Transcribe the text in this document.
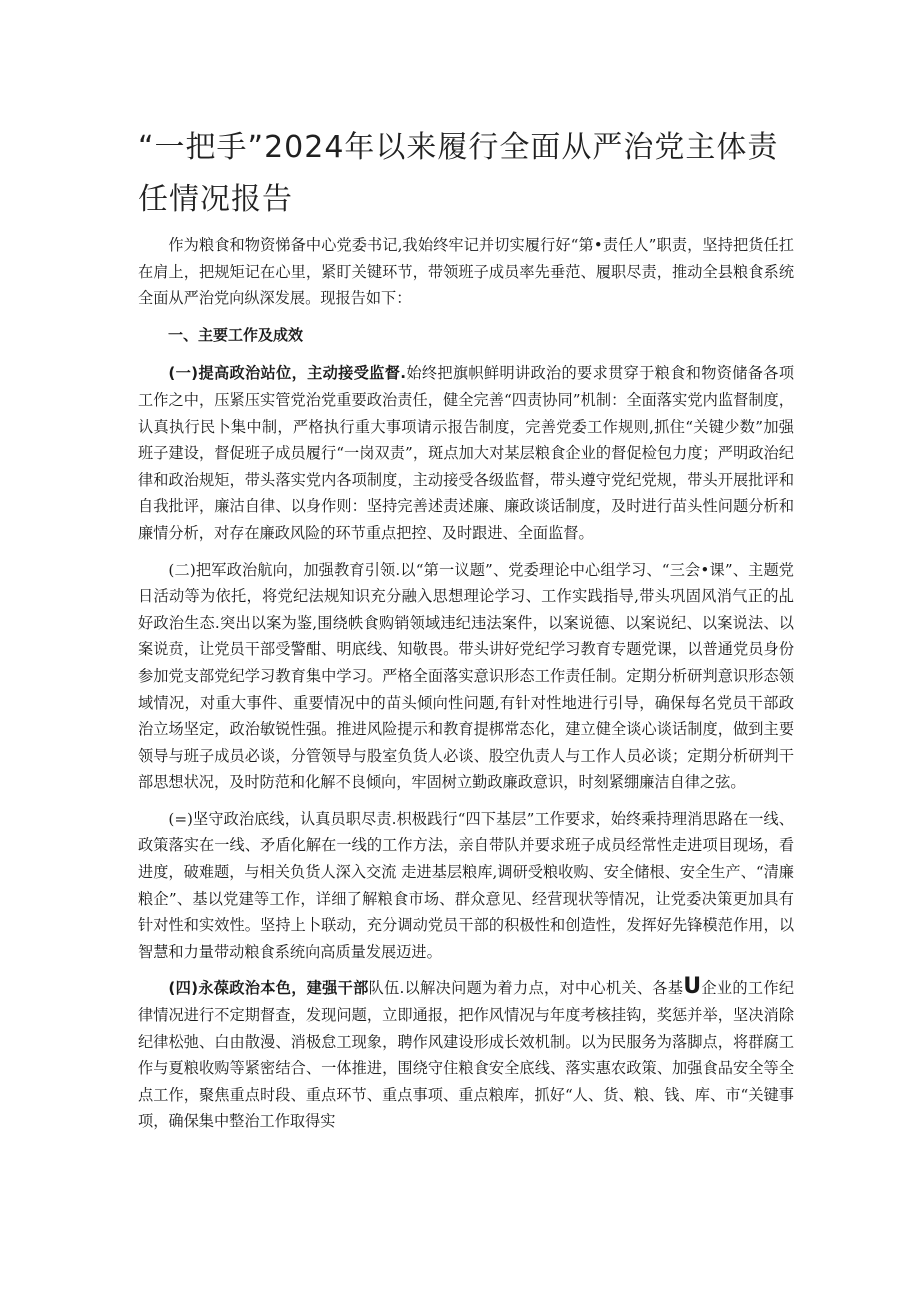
“一把手”2024年以来履行全面从严治党主体责任情况报告

作为粮食和物资悌备中心党委书记,我始终牢记并切实履行好“第•责任人”职责，坚持把货任扛在肩上，把规矩记在心里，紧盯关键环节，带领班子成员率先垂范、履职尽责，推动全县粮食系统全面从严治党向纵深发展。现报告如下：

一、主要工作及成效

(一)提高政治站位，主动接受监督.始终把旗帜鲜明讲政治的要求贯穿于粮食和物资储备各项工作之中，压紧压实管党治党重要政治责任，健全完善“四责协同”机制：全面落实党内监督制度，认真执行民卜集中制，严格执行重大事项请示报告制度，完善党委工作规则,抓住“关键少数”加强班子建设，督促班子成员履行“一岗双责”，斑点加大对某层粮食企业的督促检包力度；严明政治纪律和政治规矩，带头落实党内各项制度，主动接受各级监督，带头遵守党纪党规，带头开展批评和自我批评，廉沽自律、以身作则：坚持完善述责述廉、廉政谈话制度，及时进行苗头性问题分析和廉情分析，对存在廉政风险的环节重点把控、及时跟进、全面监督。

(二)把军政治航向，加强教育引领.以“第一议题”、党委理论中心组学习、“三会•课”、主题党日活动等为依托，将党纪法规知识充分融入思想理论学习、工作实践指导,带头巩固风消气正的乩好政治生态.突出以案为鉴,围绕帙食购销领域违纪违法案件，以案说德、以案说纪、以案说法、以案说贲，让党员干部受警酣、明底线、知敬畏。带头讲好党纪学习教育专题党课，以普通党员身份参加党支部党纪学习教育集中学习。严格全面落实意识形态工作责任制。定期分析研判意识形态领域情况，对重大事件、重要情况中的苗头倾向性问题,有针对性地进行引导，确保每名党员干部政治立场坚定，政治敏锐性强。推进风险提示和教育提梆常态化，建立健全谈心谈话制度，做到主要领导与班子成员必谈，分管领导与股室负货人必谈、股空仇责人与工作人员必谈；定期分析研判干部思想状况，及时防范和化解不良倾向，牢固树立勤政廉政意识，时刻紧绷廉洁自律之弦。

(=)坚守政治底线，认真员职尽责.枳极践行“四下基层”工作要求，始终乘持理消思路在一线、政策落实在一线、矛盾化解在一线的工作方法，亲自带队并要求班子成员经常性走进项目现场，看进度，破难题，与相关负货人深入交流 走进基层粮库,调研受粮收购、安全储根、安全生产、“清廉粮企”、基以党建等工作，详细了解粮食市场、群众意见、经营现状等情况，让党委决策更加具有针对性和实效性。坚持上卜联动，充分调动党员干部的积极性和创造性，发挥好先锋模范作用，以智慧和力量带动粮食系统向高质量发展迈进。

(四)永葆政治本色，建强干部队伍.以解决问题为着力点，对中心机关、各基U企业的工作纪律情况进行不定期督查，发现问题，立即通报，把作风情况与年度考核挂钩，奖惩并举，坚决消除纪律松弛、白由散漫、消极怠工现象，聘作风建设形成长效机制。以为民服务为落脚点，将群腐工作与夏粮收购等紧密结合、一体推进，围绕守住粮食安全底线、落实惠农政策、加强食品安全等全点工作，聚焦重点时段、重点环节、重点事项、重点粮库，抓好“人、货、粮、钱、库、市“关键事项，确保集中整治工作取得实
